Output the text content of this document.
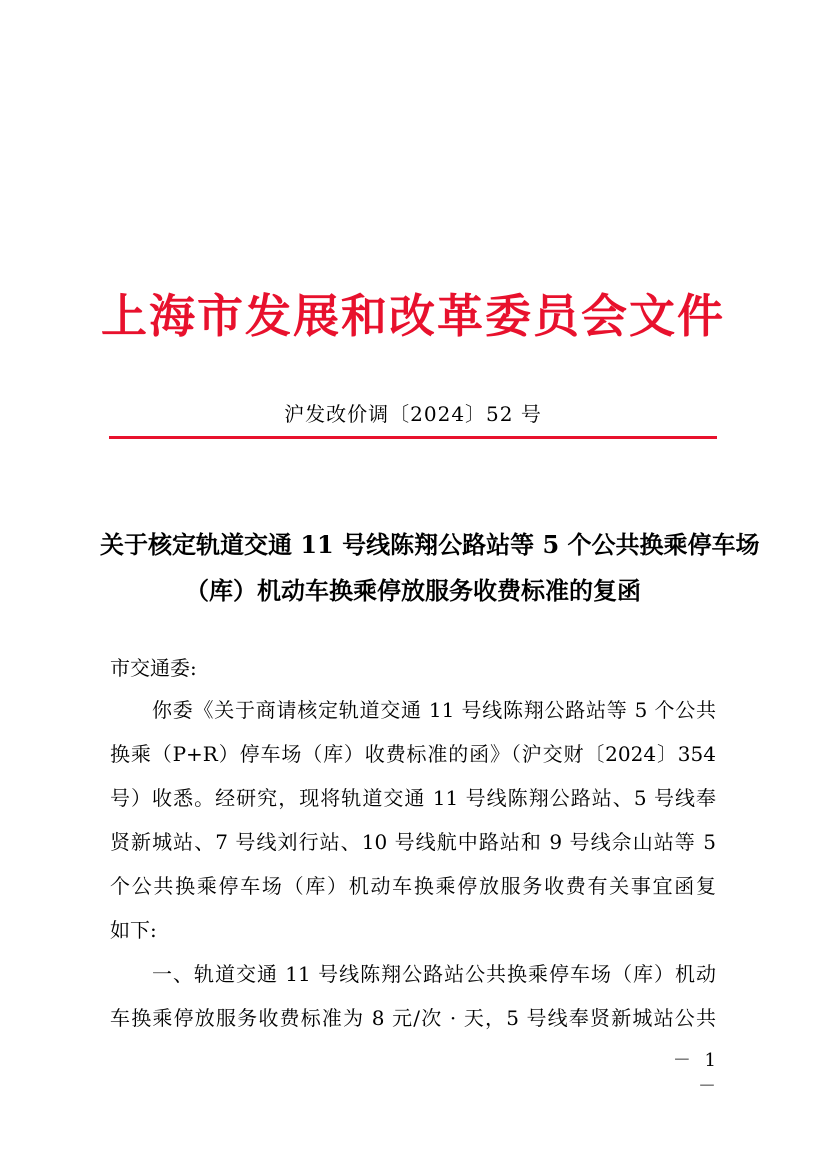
上海市发展和改革委员会文件
沪发改价调〔2024〕52 号
关于核定轨道交通 11 号线陈翔公路站等 5 个公共换乘停车场
（库）机动车换乘停放服务收费标准的复函
市交通委:
你委《关于商请核定轨道交通 11 号线陈翔公路站等 5 个公共
换乘（P+R）停车场（库）收费标准的函》（沪交财〔2024〕354
号）收悉。经研究，现将轨道交通 11 号线陈翔公路站、5 号线奉
贤新城站、7 号线刘行站、10 号线航中路站和 9 号线佘山站等 5
个公共换乘停车场（库）机动车换乘停放服务收费有关事宜函复
如下:
一、轨道交通 11 号线陈翔公路站公共换乘停车场（库）机动
车换乘停放服务收费标准为 8 元/次 · 天，5 号线奉贤新城站公共
－ 1 －
